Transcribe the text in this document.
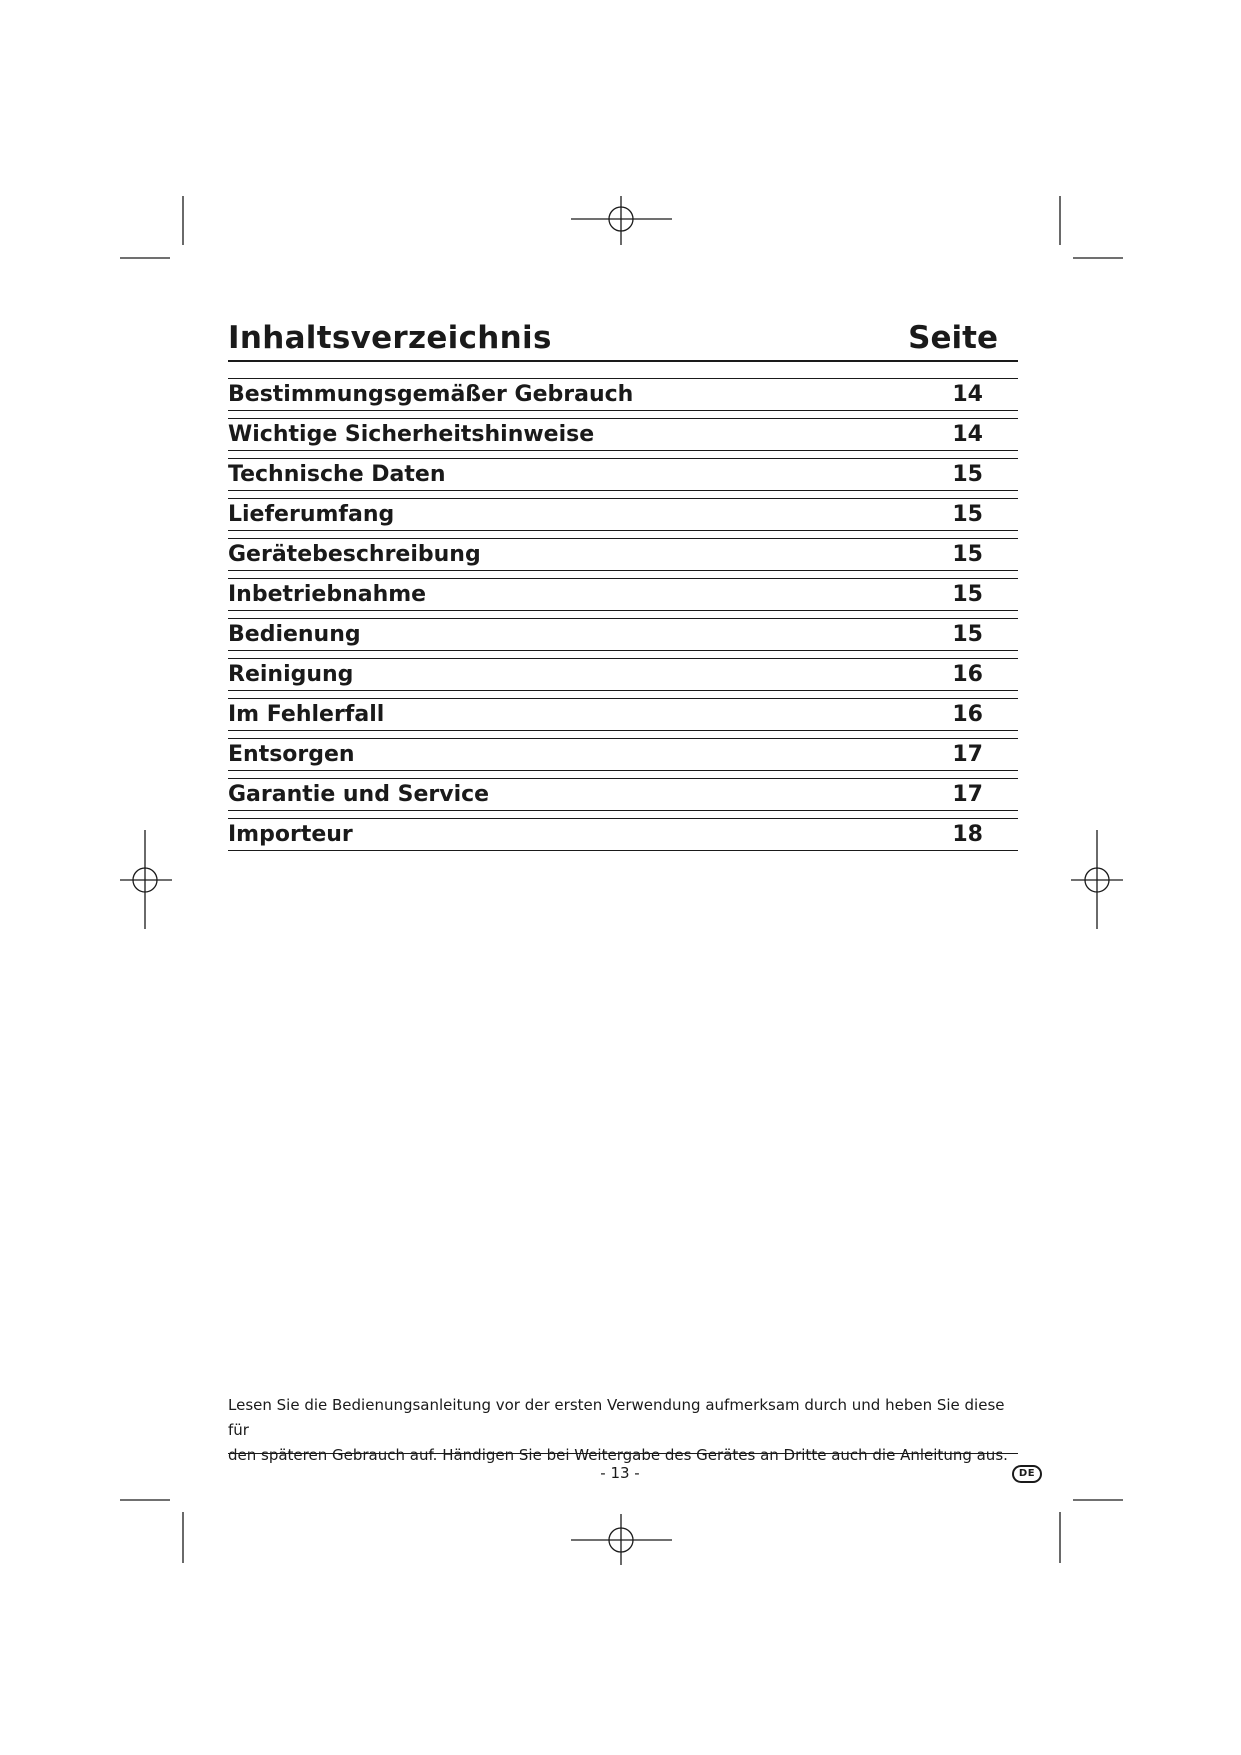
Inhaltsverzeichnis	Seite
Bestimmungsgemäßer Gebrauch	14
Wichtige Sicherheitshinweise	14
Technische Daten	15
Lieferumfang	15
Gerätebeschreibung	15
Inbetriebnahme	15
Bedienung	15
Reinigung	16
Im Fehlerfall	16
Entsorgen	17
Garantie und Service	17
Importeur	18
Lesen Sie die Bedienungsanleitung vor der ersten Verwendung aufmerksam durch und heben Sie diese für
den späteren Gebrauch auf. Händigen Sie bei Weitergabe des Gerätes an Dritte auch die Anleitung aus.
- 13 -	DE
